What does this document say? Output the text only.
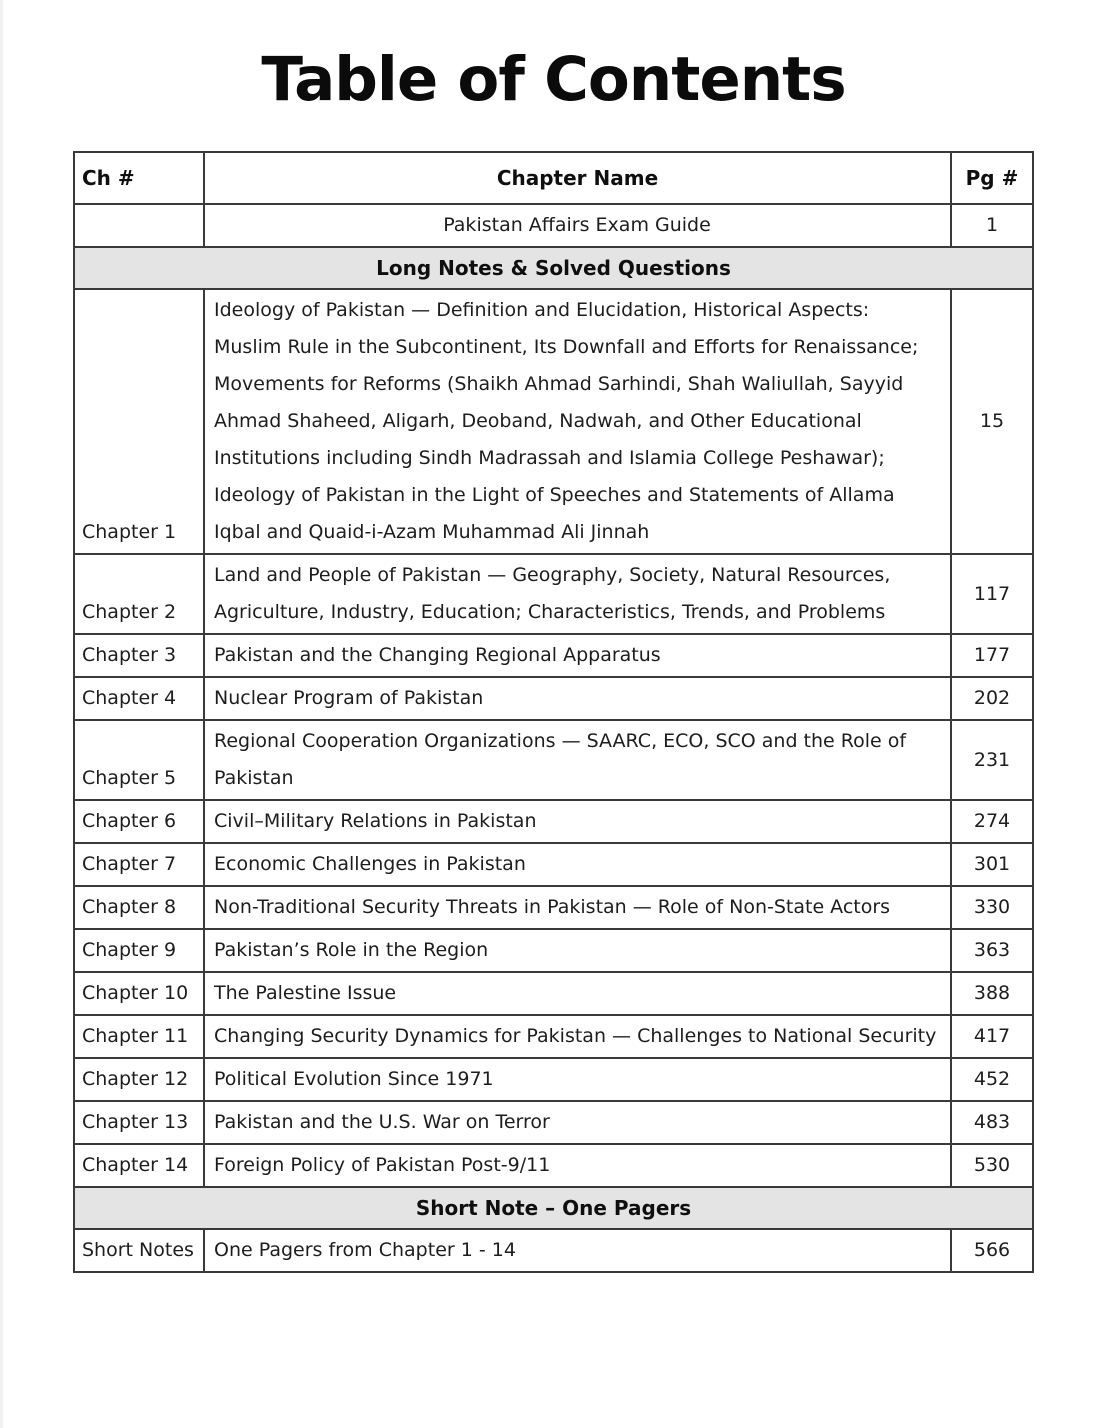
Table of Contents
Ch #	Chapter Name	Pg #
	Pakistan Affairs Exam Guide	1
Long Notes & Solved Questions		
Chapter 1	Ideology of Pakistan — Definition and Elucidation, Historical Aspects: Muslim Rule in the Subcontinent, Its Downfall and Efforts for Renaissance; Movements for Reforms (Shaikh Ahmad Sarhindi, Shah Waliullah, Sayyid Ahmad Shaheed, Aligarh, Deoband, Nadwah, and Other Educational Institutions including Sindh Madrassah and Islamia College Peshawar); Ideology of Pakistan in the Light of Speeches and Statements of Allama Iqbal and Quaid-i-Azam Muhammad Ali Jinnah	15
Chapter 2	Land and People of Pakistan — Geography, Society, Natural Resources, Agriculture, Industry, Education; Characteristics, Trends, and Problems	117
Chapter 3	Pakistan and the Changing Regional Apparatus	177
Chapter 4	Nuclear Program of Pakistan	202
Chapter 5	Regional Cooperation Organizations — SAARC, ECO, SCO and the Role of Pakistan	231
Chapter 6	Civil–Military Relations in Pakistan	274
Chapter 7	Economic Challenges in Pakistan	301
Chapter 8	Non-Traditional Security Threats in Pakistan — Role of Non-State Actors	330
Chapter 9	Pakistan’s Role in the Region	363
Chapter 10	The Palestine Issue	388
Chapter 11	Changing Security Dynamics for Pakistan — Challenges to National Security	417
Chapter 12	Political Evolution Since 1971	452
Chapter 13	Pakistan and the U.S. War on Terror	483
Chapter 14	Foreign Policy of Pakistan Post-9/11	530
Short Note – One Pagers		
Short Notes	One Pagers from Chapter 1 - 14	566
